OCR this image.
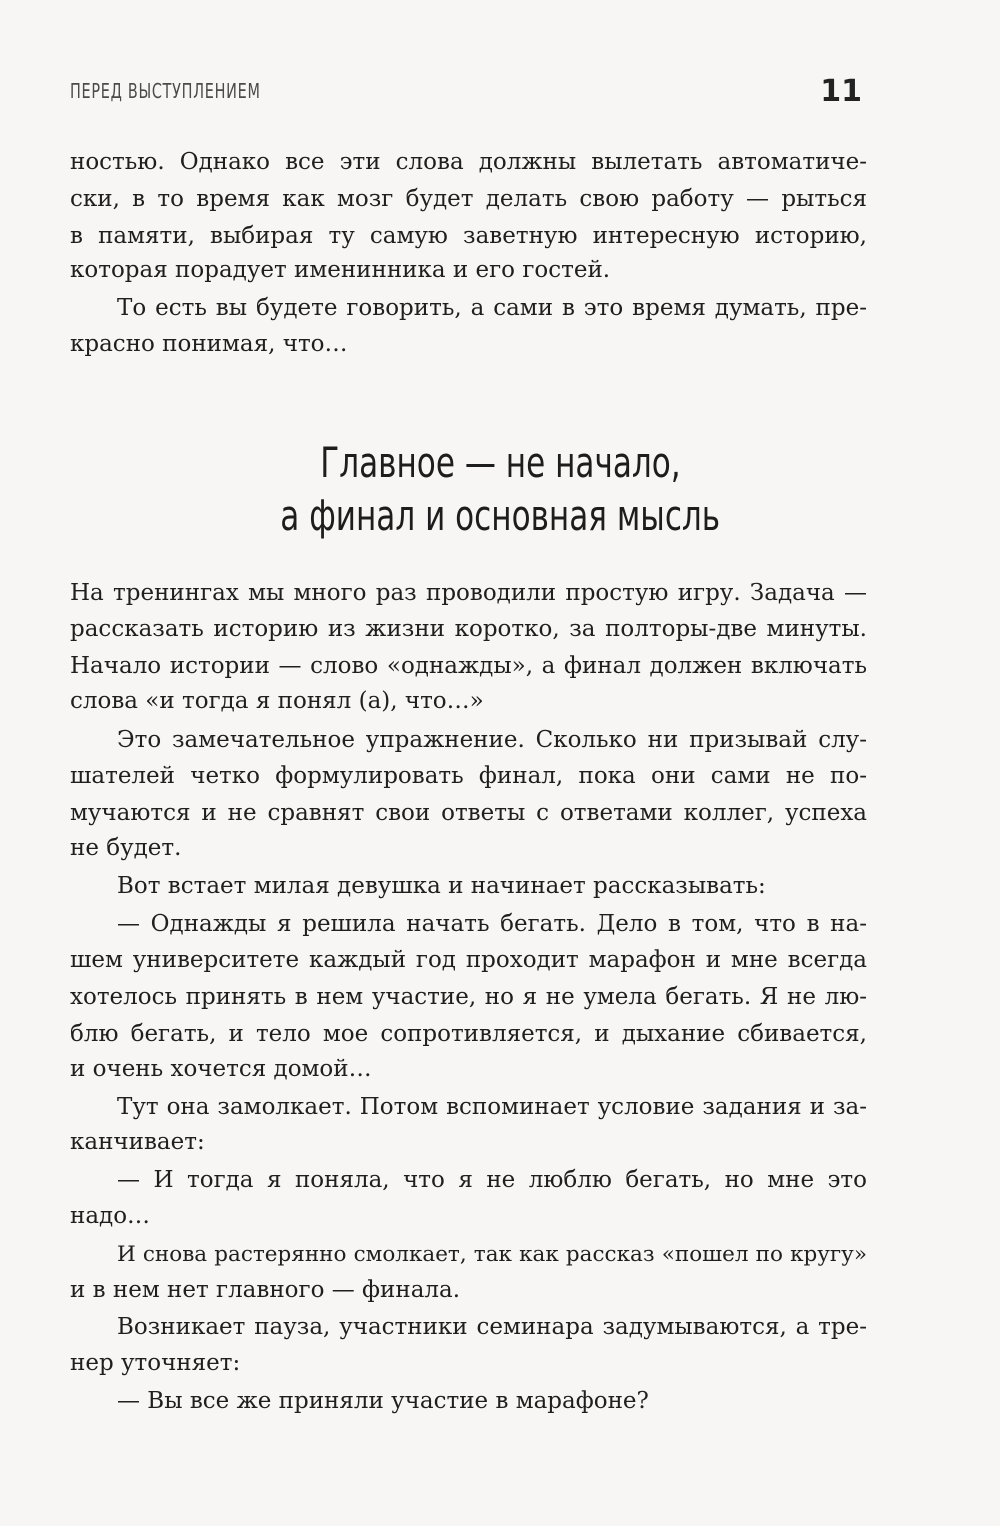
ПЕРЕД ВЫСТУПЛЕНИЕМ	11
ностью. Однако все эти слова должны вылетать автоматиче-
ски, в то время как мозг будет делать свою работу — рыться
в памяти, выбирая ту самую заветную интересную историю,
которая порадует именинника и его гостей.
То есть вы будете говорить, а сами в это время думать, пре-
красно понимая, что…
Главное — не начало,
а финал и основная мысль
На тренингах мы много раз проводили простую игру. Задача —
рассказать историю из жизни коротко, за полторы-две минуты.
Начало истории — слово «однажды», а финал должен включать
слова «и тогда я понял (а), что…»
Это замечательное упражнение. Сколько ни призывай слу-
шателей четко формулировать финал, пока они сами не по-
мучаются и не сравнят свои ответы с ответами коллег, успеха
не будет.
Вот встает милая девушка и начинает рассказывать:
— Однажды я решила начать бегать. Дело в том, что в на-
шем университете каждый год проходит марафон и мне всегда
хотелось принять в нем участие, но я не умела бегать. Я не лю-
блю бегать, и тело мое сопротивляется, и дыхание сбивается,
и очень хочется домой…
Тут она замолкает. Потом вспоминает условие задания и за-
канчивает:
— И тогда я поняла, что я не люблю бегать, но мне это
надо…
И снова растерянно смолкает, так как рассказ «пошел по кругу»
и в нем нет главного — финала.
Возникает пауза, участники семинара задумываются, а тре-
нер уточняет:
— Вы все же приняли участие в марафоне?
